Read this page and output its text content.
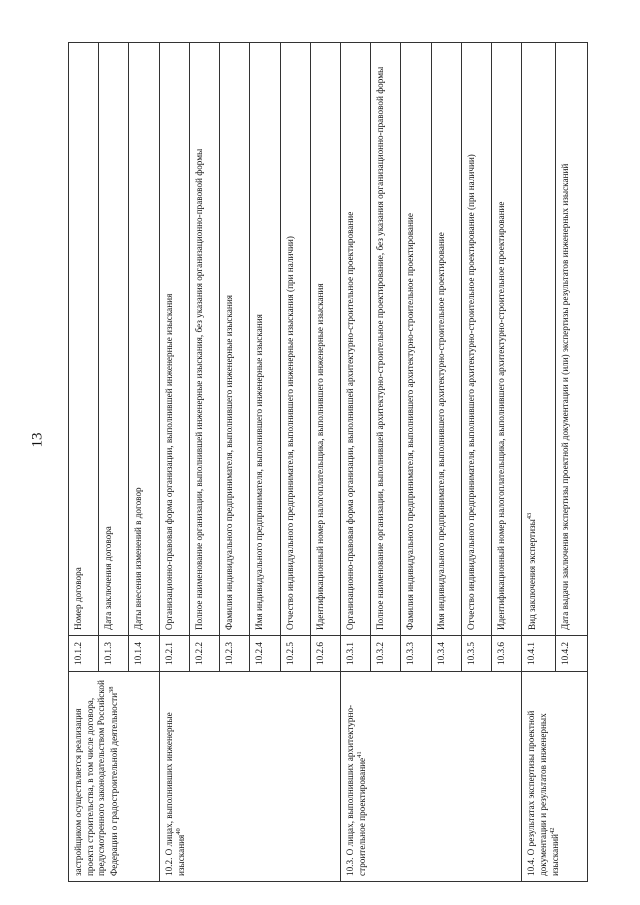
13
застройщиком осуществляется реализация проекта строительства, в том числе договора, предусмотренного законодательством Российской Федерации о градостроительной деятельности$^{38}$	10.1.2	Номер договора
	10.1.3	Дата заключения договора
	10.1.4	Даты внесения изменений в договор
10.2. О лицах, выполнивших инженерные изыскания$^{40}$	10.2.1	Организационно-правовая форма организации, выполнившей инженерные изыскания
	10.2.2	Полное наименование организации, выполнившей инженерные изыскания, без указания организационно-правовой формы
	10.2.3	Фамилия индивидуального предпринимателя, выполнившего инженерные изыскания
	10.2.4	Имя индивидуального предпринимателя, выполнившего инженерные изыскания
	10.2.5	Отчество индивидуального предпринимателя, выполнившего инженерные изыскания (при наличии)
	10.2.6	Идентификационный номер налогоплательщика, выполнившего инженерные изыскания
10.3. О лицах, выполнивших архитектурно-строительное проектирование$^{41}$	10.3.1	Организационно-правовая форма организации, выполнившей архитектурно-строительное проектирование
	10.3.2	Полное наименование организации, выполнившей архитектурно-строительное проектирование, без указания организационно-правовой формы
	10.3.3	Фамилия индивидуального предпринимателя, выполнившего архитектурно-строительное проектирование
	10.3.4	Имя индивидуального предпринимателя, выполнившего архитектурно-строительное проектирование
	10.3.5	Отчество индивидуального предпринимателя, выполнившего архитектурно-строительное проектирование (при наличии)
	10.3.6	Идентификационный номер налогоплательщика, выполнившего архитектурно-строительное проектирование
10.4. О результатах экспертизы проектной документации и результатов инженерных изысканий$^{42}$	10.4.1	Вид заключения экспертизы$^{43}$
	10.4.2	Дата выдачи заключения экспертизы проектной документации и (или) экспертизы результатов инженерных изысканий
